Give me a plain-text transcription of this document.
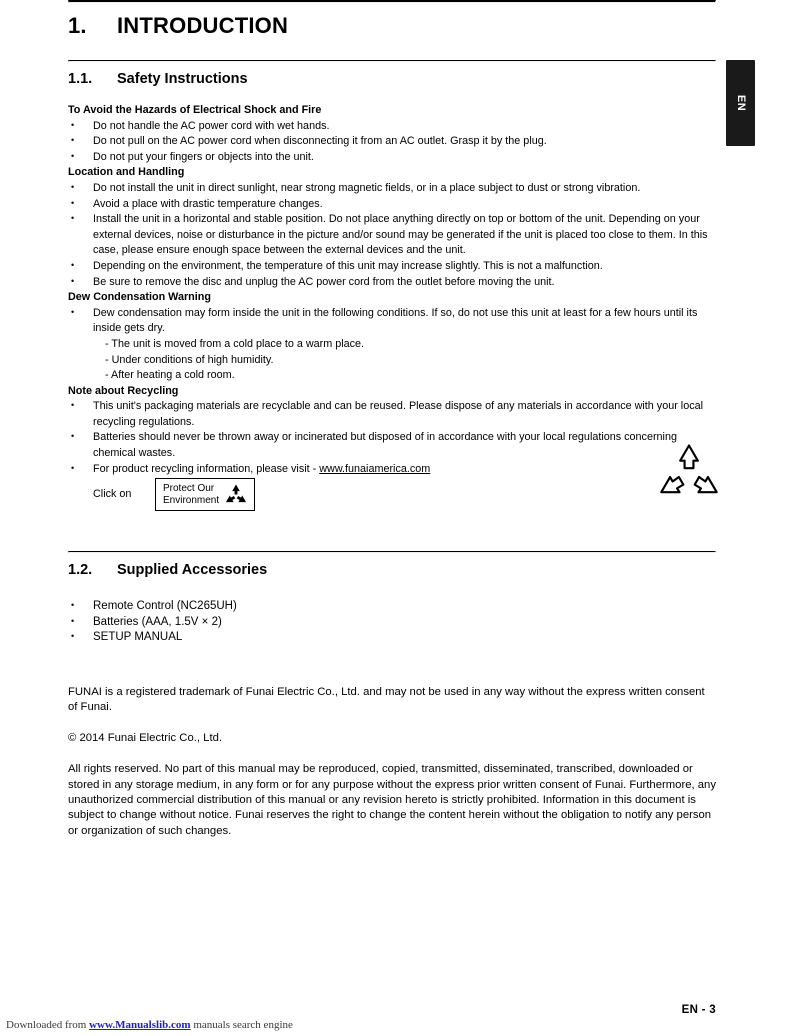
EN
1.	INTRODUCTION
1.1.	Safety Instructions
To Avoid the Hazards of Electrical Shock and Fire
• Do not handle the AC power cord with wet hands.
• Do not pull on the AC power cord when disconnecting it from an AC outlet. Grasp it by the plug.
• Do not put your fingers or objects into the unit.
Location and Handling
• Do not install the unit in direct sunlight, near strong magnetic fields, or in a place subject to dust or strong vibration.
• Avoid a place with drastic temperature changes.
• Install the unit in a horizontal and stable position. Do not place anything directly on top or bottom of the unit. Depending on your external devices, noise or disturbance in the picture and/or sound may be generated if the unit is placed too close to them. In this case, please ensure enough space between the external devices and the unit.
• Depending on the environment, the temperature of this unit may increase slightly. This is not a malfunction.
• Be sure to remove the disc and unplug the AC power cord from the outlet before moving the unit.
Dew Condensation Warning
• Dew condensation may form inside the unit in the following conditions. If so, do not use this unit at least for a few hours until its inside gets dry.
- The unit is moved from a cold place to a warm place.
- Under conditions of high humidity.
- After heating a cold room.
Note about Recycling
• This unit's packaging materials are recyclable and can be reused. Please dispose of any materials in accordance with your local recycling regulations.
• Batteries should never be thrown away or incinerated but disposed of in accordance with your local regulations concerning chemical wastes.
• For product recycling information, please visit - www.funaiamerica.com
Click on	Protect Our
Environment
1.2.	Supplied Accessories
• Remote Control (NC265UH)
• Batteries (AAA, 1.5V × 2)
• SETUP MANUAL

FUNAI is a registered trademark of Funai Electric Co., Ltd. and may not be used in any way without the express written consent of Funai.

© 2014 Funai Electric Co., Ltd.

All rights reserved. No part of this manual may be reproduced, copied, transmitted, disseminated, transcribed, downloaded or stored in any storage medium, in any form or for any purpose without the express prior written consent of Funai. Furthermore, any unauthorized commercial distribution of this manual or any revision hereto is strictly prohibited. Information in this document is subject to change without notice. Funai reserves the right to change the content herein without the obligation to notify any person or organization of such changes.

EN - 3
Downloaded from www.Manualslib.com manuals search engine
